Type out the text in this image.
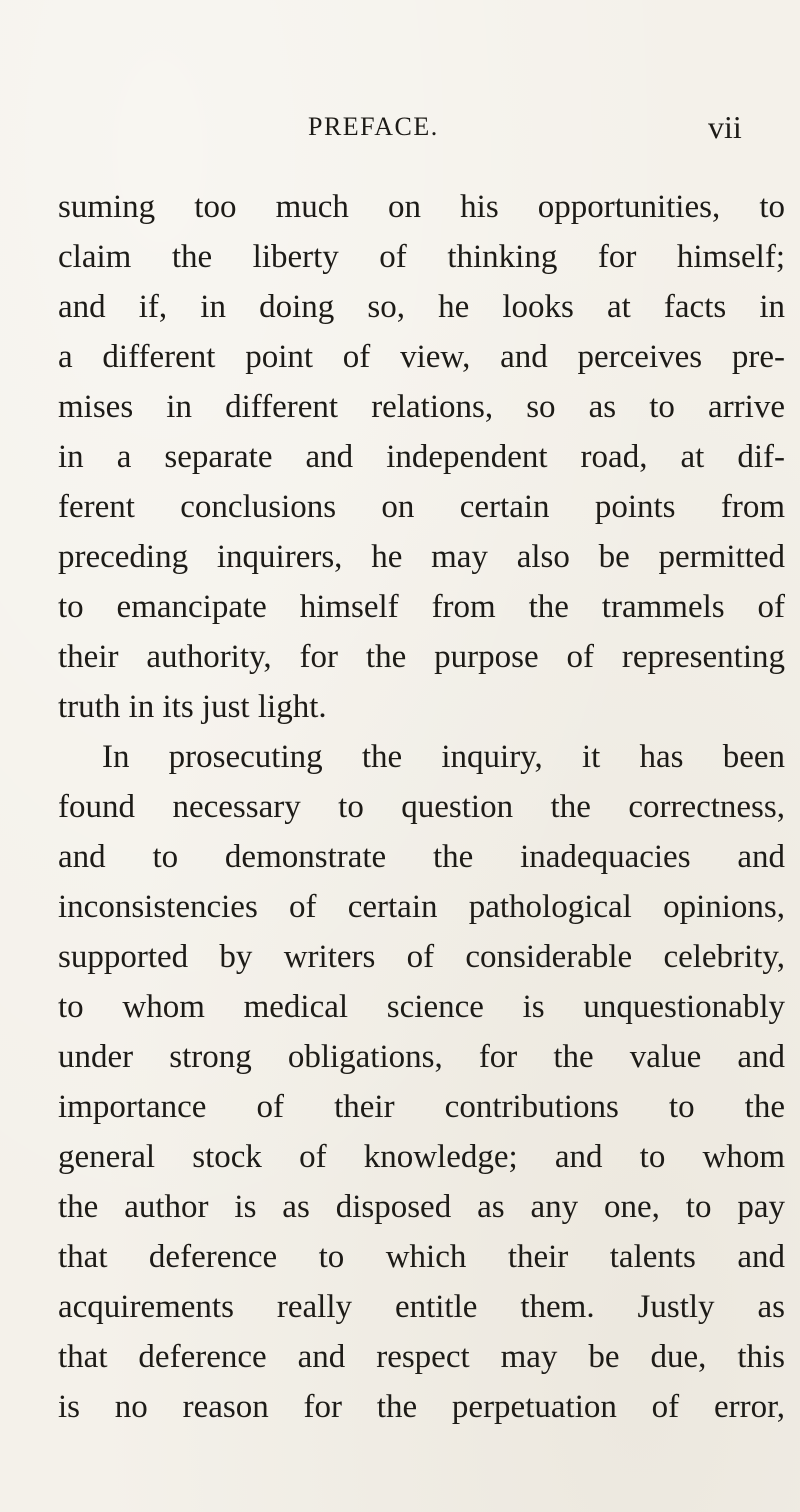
PREFACE.	vii
suming too much on his opportunities, to
claim the liberty of thinking for himself;
and if, in doing so, he looks at facts in
a different point of view, and perceives pre-
mises in different relations, so as to arrive
in a separate and independent road, at dif-
ferent conclusions on certain points from
preceding inquirers, he may also be permitted
to emancipate himself from the trammels of
their authority, for the purpose of representing
truth in its just light.
In prosecuting the inquiry, it has been
found necessary to question the correctness,
and to demonstrate the inadequacies and
inconsistencies of certain pathological opinions,
supported by writers of considerable celebrity,
to whom medical science is unquestionably
under strong obligations, for the value and
importance of their contributions to the
general stock of knowledge; and to whom
the author is as disposed as any one, to pay
that deference to which their talents and
acquirements really entitle them. Justly as
that deference and respect may be due, this
is no reason for the perpetuation of error,
